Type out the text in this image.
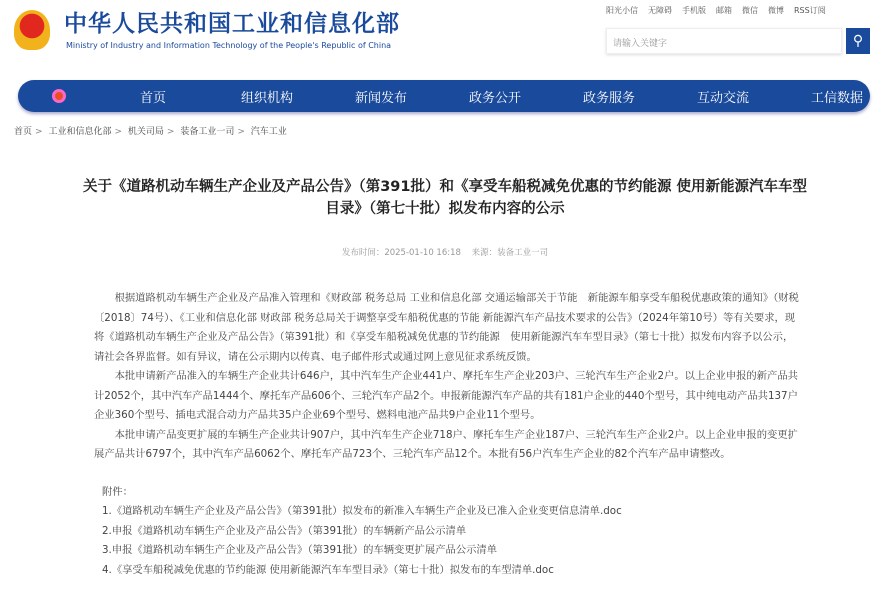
中华人民共和国工业和信息化部
Ministry of Industry and Information Technology of the People's Republic of China
阳光小信 无障碍 手机版 邮箱 微信 微博 RSS订阅
请输入关键字	⚲
首页	组织机构	新闻发布	政务公开	政务服务	互动交流	工信数据
首页 > 工业和信息化部 > 机关司局 > 装备工业一司 > 汽车工业
关于《道路机动车辆生产企业及产品公告》（第391批）和《享受车船税减免优惠的节约能源 使用新能源汽车车型目录》（第七十批）拟发布内容的公示
发布时间：2025-01-10 16:18 来源：装备工业一司

根据道路机动车辆生产企业及产品准入管理和《财政部 税务总局 工业和信息化部 交通运输部关于节能　新能源车船享受车船税优惠政策的通知》（财税〔2018〕74号）、《工业和信息化部 财政部 税务总局关于调整享受车船税优惠的节能 新能源汽车产品技术要求的公告》（2024年第10号）等有关要求，现将《道路机动车辆生产企业及产品公告》（第391批）和《享受车船税减免优惠的节约能源　使用新能源汽车车型目录》（第七十批）拟发布内容予以公示，请社会各界监督。如有异议，请在公示期内以传真、电子邮件形式或通过网上意见征求系统反馈。

本批申请新产品准入的车辆生产企业共计646户，其中汽车生产企业441户、摩托车生产企业203户、三轮汽车生产企业2户。以上企业申报的新产品共计2052个，其中汽车产品1444个、摩托车产品606个、三轮汽车产品2个。申报新能源汽车产品的共有181户企业的440个型号，其中纯电动产品共137户企业360个型号、插电式混合动力产品共35户企业69个型号、燃料电池产品共9户企业11个型号。

本批申请产品变更扩展的车辆生产企业共计907户，其中汽车生产企业718户、摩托车生产企业187户、三轮汽车生产企业2户。以上企业申报的变更扩展产品共计6797个，其中汽车产品6062个、摩托车产品723个、三轮汽车产品12个。本批有56户汽车生产企业的82个汽车产品申请整改。

附件：
1.《道路机动车辆生产企业及产品公告》（第391批）拟发布的新准入车辆生产企业及已准入企业变更信息清单.doc
2.申报《道路机动车辆生产企业及产品公告》（第391批）的车辆新产品公示清单
3.申报《道路机动车辆生产企业及产品公告》（第391批）的车辆变更扩展产品公示清单
4.《享受车船税减免优惠的节约能源 使用新能源汽车车型目录》（第七十批）拟发布的车型清单.doc
